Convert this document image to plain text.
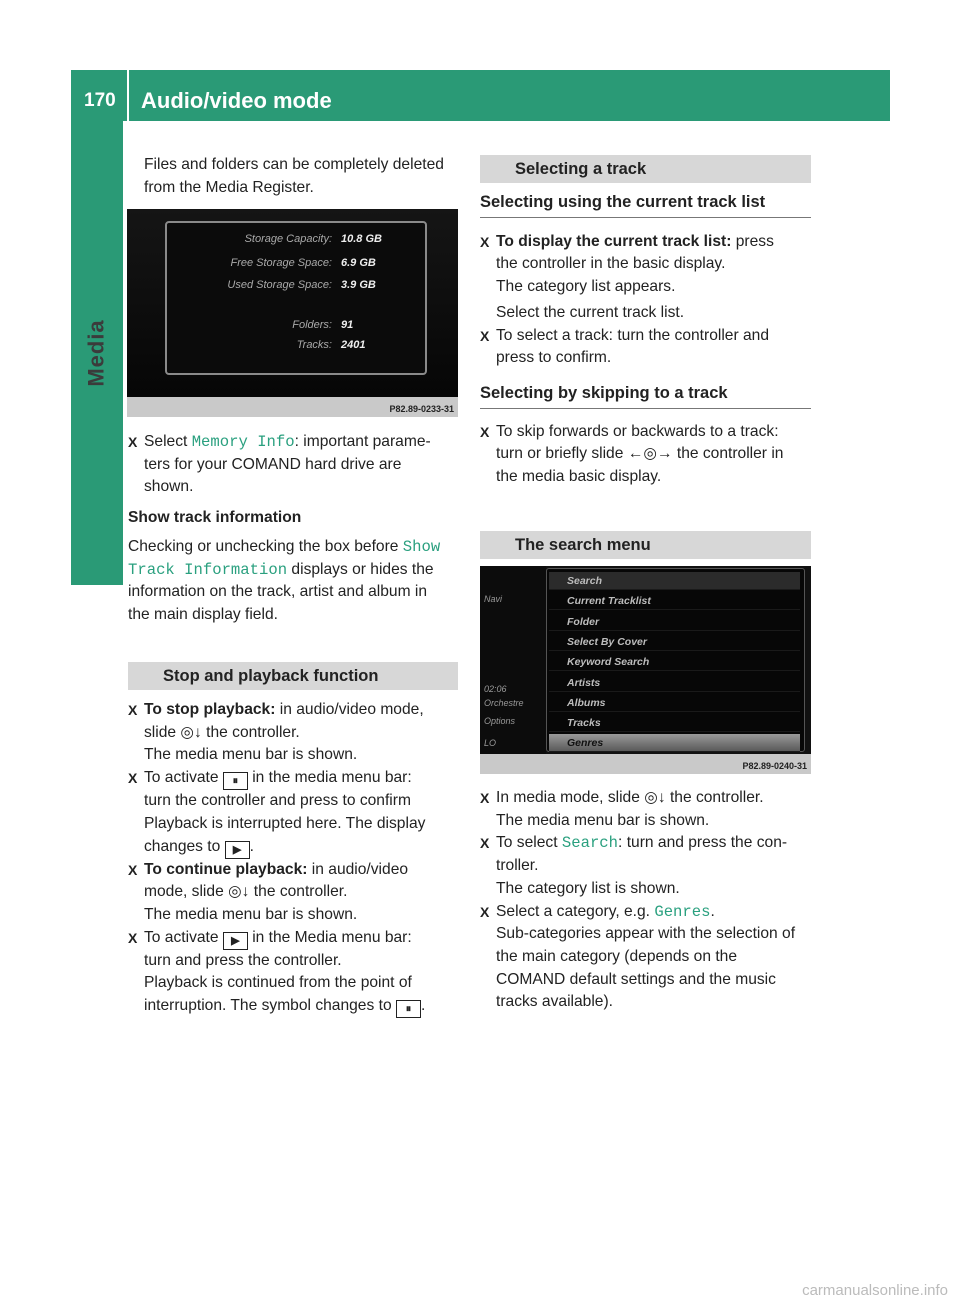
170 Audio/video mode
Media

Files and folders can be completely deleted from the Media Register.

Storage Capacity: 10.8 GB
Free Storage Space: 6.9 GB
Used Storage Space: 3.9 GB
Folders: 91
Tracks: 2401
P82.89-0233-31

X Select Memory Info: important parame-
ters for your COMAND hard drive are
shown.

Show track information

Checking or unchecking the box before Show
Track Information displays or hides the
information on the track, artist and album in
the main display field.

Stop and playback function

X To stop playback: in audio/video mode,
slide ◎↓ the controller.
The media menu bar is shown.

X To activate ⏸ in the media menu bar:
turn the controller and press to confirm
Playback is interrupted here. The display
changes to ▶ .

X To continue playback: in audio/video
mode, slide ◎↓ the controller.
The media menu bar is shown.

X To activate ▶ in the Media menu bar:
turn and press the controller.
Playback is continued from the point of
interruption. The symbol changes to ⏸ .

Selecting a track

Selecting using the current track list

X To display the current track list: press
the controller in the basic display.
The category list appears.

Select the current track list.

X To select a track: turn the controller and
press to confirm.

Selecting by skipping to a track

X To skip forwards or backwards to a track:
turn or briefly slide ←◎→ the controller in
the media basic display.

The search menu

Navi
02:06
Orchestre
Options
LO
Search
Current Tracklist
Folder
Select By Cover
Keyword Search
Artists
Albums
Tracks
Genres
P82.89-0240-31

X In media mode, slide ◎↓ the controller.
The media menu bar is shown.

X To select Search: turn and press the con-
troller.
The category list is shown.

X Select a category, e.g. Genres.
Sub-categories appear with the selection of
the main category (depends on the
COMAND default settings and the music
tracks available).

carmanualsonline.info
